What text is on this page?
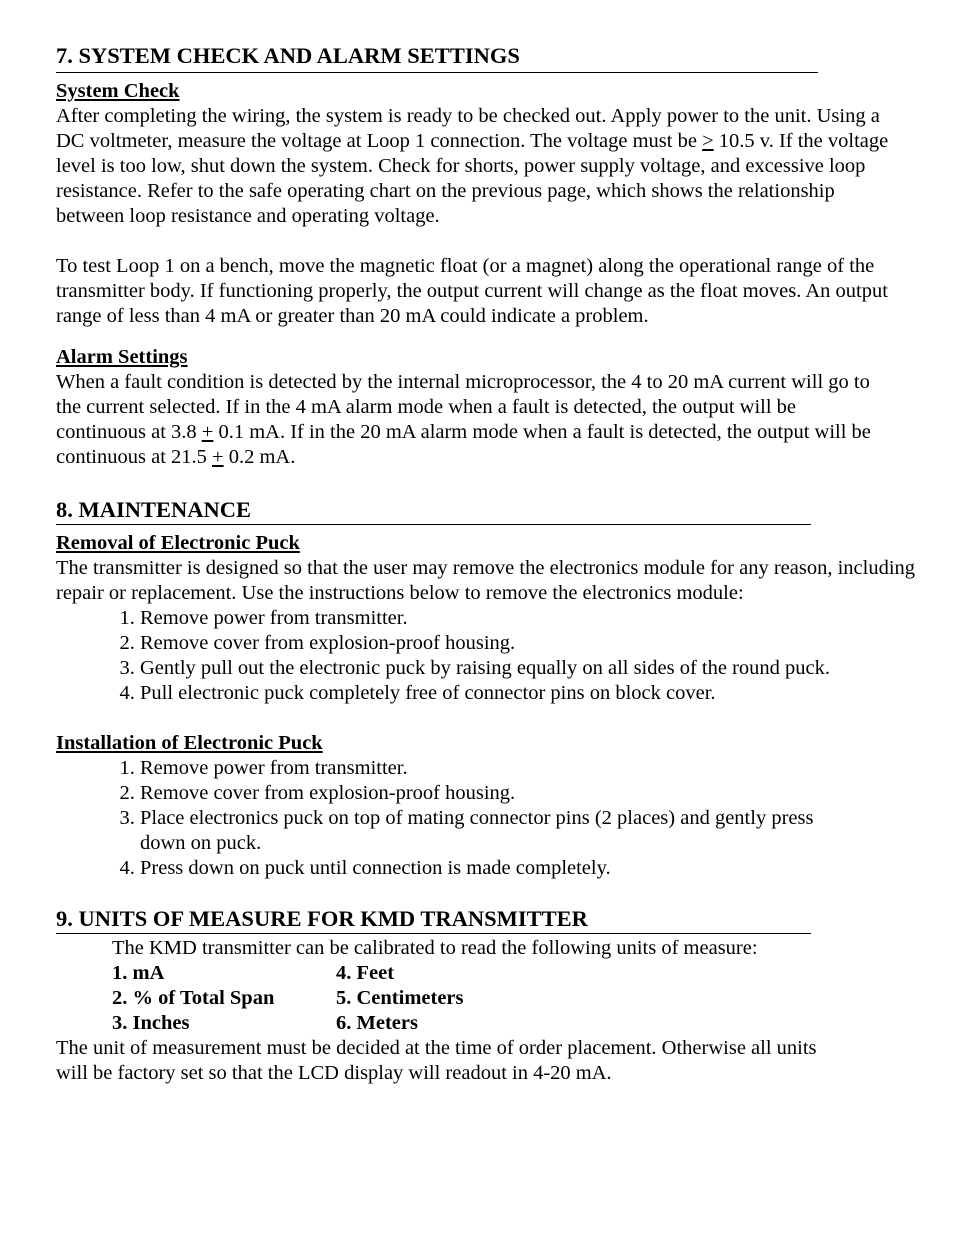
7. SYSTEM CHECK AND ALARM SETTINGS

System Check

After completing the wiring, the system is ready to be checked out. Apply power to the unit. Using a DC voltmeter, measure the voltage at Loop 1 connection. The voltage must be ≥ 10.5 v. If the voltage level is too low, shut down the system. Check for shorts, power supply voltage, and excessive loop resistance. Refer to the safe operating chart on the previous page, which shows the relationship between loop resistance and operating voltage.

To test Loop 1 on a bench, move the magnetic float (or a magnet) along the operational range of the transmitter body. If functioning properly, the output current will change as the float moves. An output range of less than 4 mA or greater than 20 mA could indicate a problem.

Alarm Settings

When a fault condition is detected by the internal microprocessor, the 4 to 20 mA current will go to the current selected. If in the 4 mA alarm mode when a fault is detected, the output will be continuous at 3.8 + 0.1 mA. If in the 20 mA alarm mode when a fault is detected, the output will be continuous at 21.5 + 0.2 mA.

8. MAINTENANCE

Removal of Electronic Puck

The transmitter is designed so that the user may remove the electronics module for any reason, including repair or replacement. Use the instructions below to remove the electronics module:

1. Remove power from transmitter.
2. Remove cover from explosion-proof housing.
3. Gently pull out the electronic puck by raising equally on all sides of the round puck.
4. Pull electronic puck completely free of connector pins on block cover.

Installation of Electronic Puck

1. Remove power from transmitter.
2. Remove cover from explosion-proof housing.
3. Place electronics puck on top of mating connector pins (2 places) and gently press down on puck.
4. Press down on puck until connection is made completely.
9. UNITS OF MEASURE FOR KMD TRANSMITTER

The KMD transmitter can be calibrated to read the following units of measure:

1. mA	4. Feet
2. % of Total Span	5. Centimeters
3. Inches	6. Meters

The unit of measurement must be decided at the time of order placement. Otherwise all units will be factory set so that the LCD display will readout in 4-20 mA.
